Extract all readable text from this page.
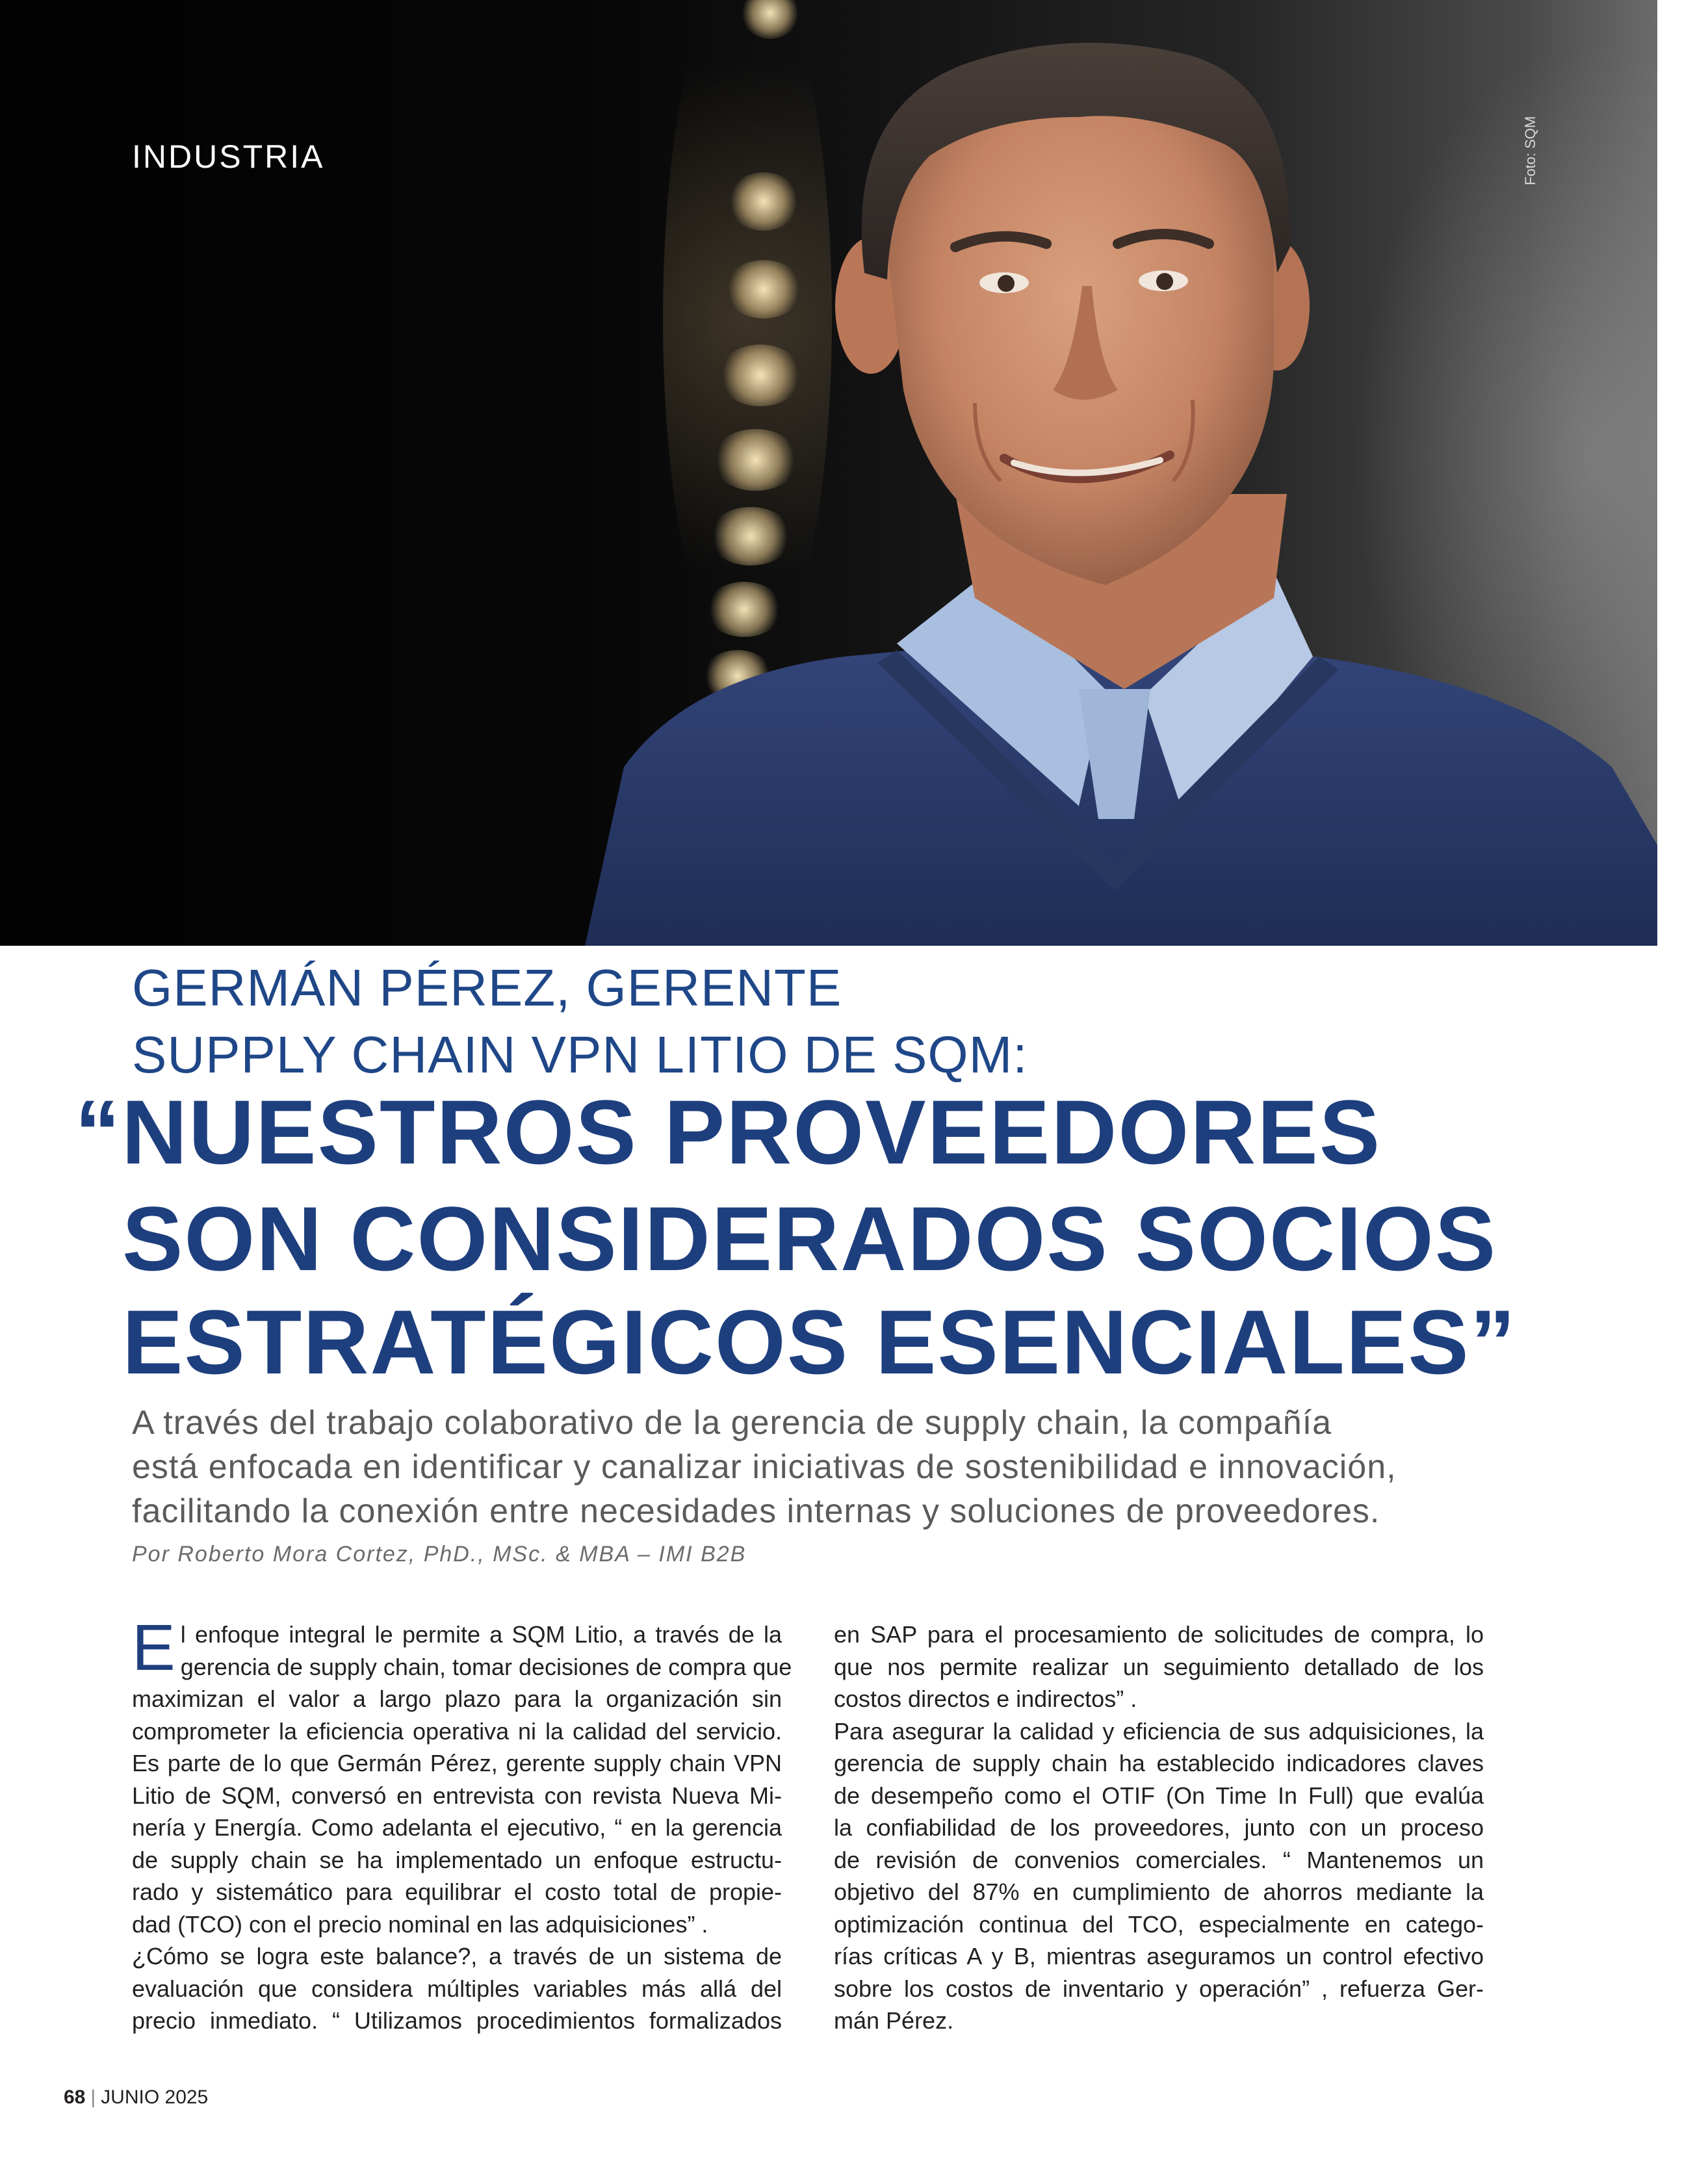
INDUSTRIA	Foto: SQM
GERMÁN PÉREZ, GERENTE
SUPPLY CHAIN VPN LITIO DE SQM:
“NUESTROS PROVEEDORES
SON CONSIDERADOS SOCIOS
ESTRATÉGICOS ESENCIALES”
A través del trabajo colaborativo de la gerencia de supply chain, la compañía
está enfocada en identificar y canalizar iniciativas de sostenibilidad e innovación,
facilitando la conexión entre necesidades internas y soluciones de proveedores.
Por Roberto Mora Cortez, PhD., MSc. & MBA – IMI B2B
E l enfoque integral le permite a SQM Litio, a través de la
gerencia de supply chain, tomar decisiones de compra que
maximizan el valor a largo plazo para la organización sin
comprometer la eficiencia operativa ni la calidad del servicio.
Es parte de lo que Germán Pérez, gerente supply chain VPN
Litio de SQM, conversó en entrevista con revista Nueva Mi-
nería y Energía. Como adelanta el ejecutivo, “ en la gerencia
de supply chain se ha implementado un enfoque estructu-
rado y sistemático para equilibrar el costo total de propie-
dad (TCO) con el precio nominal en las adquisiciones” .
¿Cómo se logra este balance?, a través de un sistema de
evaluación que considera múltiples variables más allá del
precio inmediato. “ Utilizamos procedimientos formalizados
en SAP para el procesamiento de solicitudes de compra, lo
que nos permite realizar un seguimiento detallado de los
costos directos e indirectos” .
Para asegurar la calidad y eficiencia de sus adquisiciones, la
gerencia de supply chain ha establecido indicadores claves
de desempeño como el OTIF (On Time In Full) que evalúa
la confiabilidad de los proveedores, junto con un proceso
de revisión de convenios comerciales. “ Mantenemos un
objetivo del 87% en cumplimiento de ahorros mediante la
optimización continua del TCO, especialmente en catego-
rías críticas A y B, mientras aseguramos un control efectivo
sobre los costos de inventario y operación” , refuerza Ger-
mán Pérez.
68 | JUNIO 2025
